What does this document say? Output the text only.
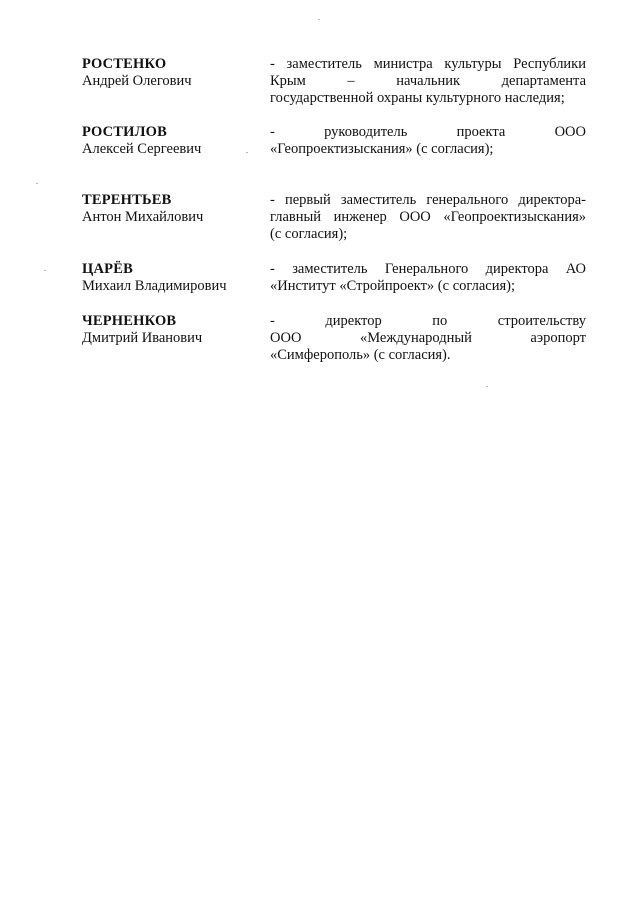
РОСТЕНКО
Андрей Олегович
- заместитель министра культуры Республики
Крым – начальник департамента
государственной охраны культурного наследия;
РОСТИЛОВ
Алексей Сергеевич
- руководитель проекта ООО
«Геопроектизыскания» (с согласия);
ТЕРЕНТЬЕВ
Антон Михайлович
- первый заместитель генерального директора-
главный инженер ООО «Геопроектизыскания»
(с согласия);
ЦАРЁВ
Михаил Владимирович
- заместитель Генерального директора АО
«Институт «Стройпроект» (с согласия);
ЧЕРНЕНКОВ
Дмитрий Иванович
- директор по строительству
ООО «Международный аэропорт
«Симферополь» (с согласия).
